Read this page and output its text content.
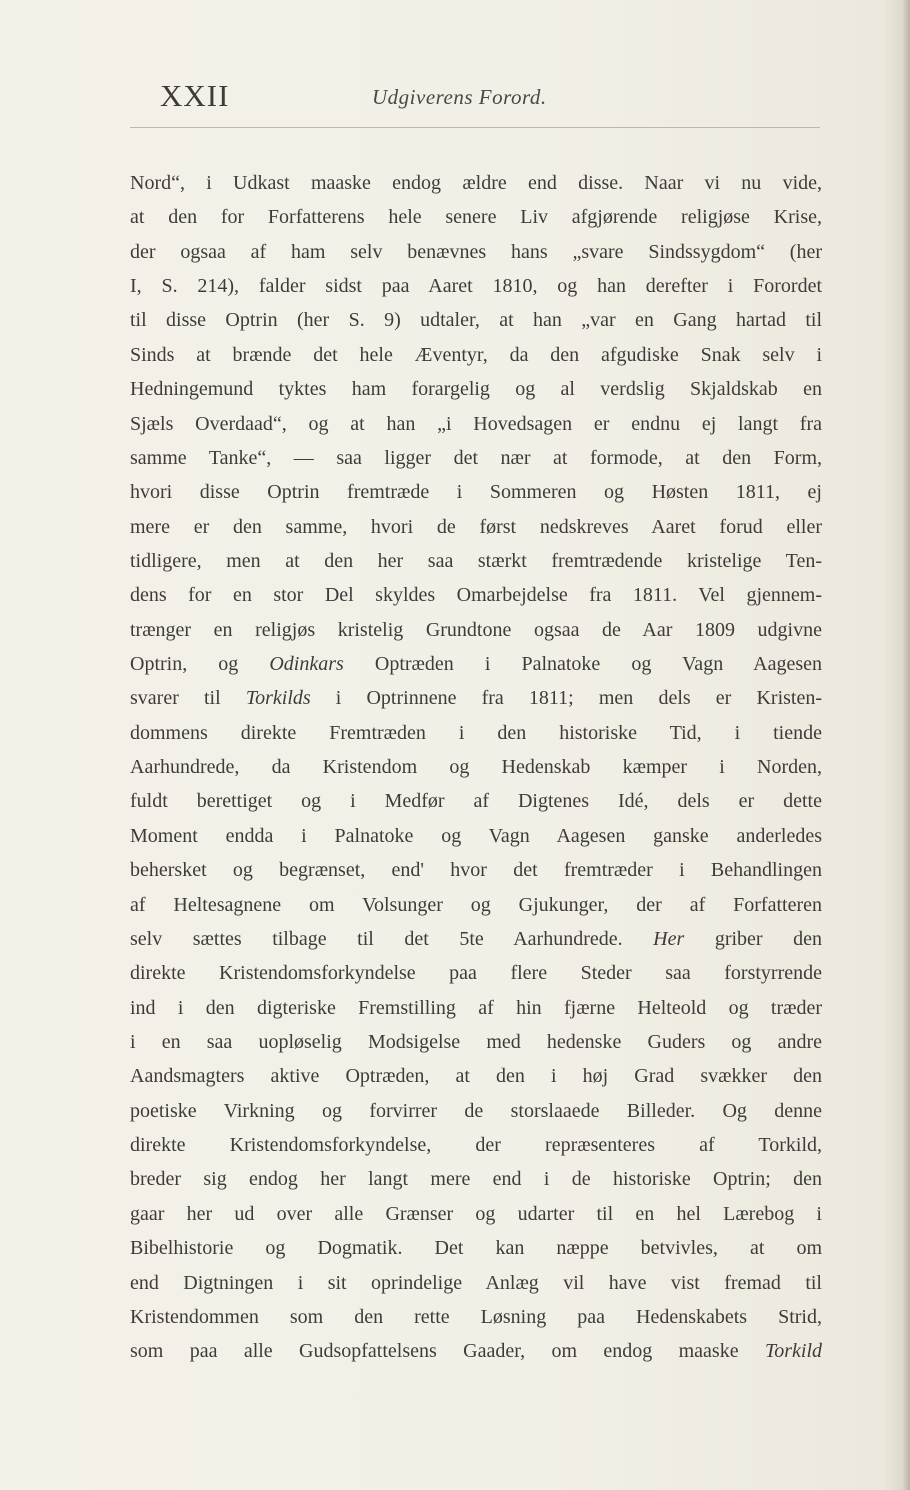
XXII	Udgiverens Forord.
Nord“, i Udkast maaske endog ældre end disse. Naar vi nu vide,
at den for Forfatterens hele senere Liv afgjørende religjøse Krise,
der ogsaa af ham selv benævnes hans „svare Sindssygdom“ (her
I, S. 214), falder sidst paa Aaret 1810, og han derefter i Forordet
til disse Optrin (her S. 9) udtaler, at han „var en Gang hartad til
Sinds at brænde det hele Æventyr, da den afgudiske Snak selv i
Hedningemund tyktes ham forargelig og al verdslig Skjaldskab en
Sjæls Overdaad“, og at han „i Hovedsagen er endnu ej langt fra
samme Tanke“, — saa ligger det nær at formode, at den Form,
hvori disse Optrin fremtræde i Sommeren og Høsten 1811, ej
mere er den samme, hvori de først nedskreves Aaret forud eller
tidligere, men at den her saa stærkt fremtrædende kristelige Ten-
dens for en stor Del skyldes Omarbejdelse fra 1811. Vel gjennem-
trænger en religjøs kristelig Grundtone ogsaa de Aar 1809 udgivne
Optrin, og Odinkars Optræden i Palnatoke og Vagn Aagesen
svarer til Torkilds i Optrinnene fra 1811; men dels er Kristen-
dommens direkte Fremtræden i den historiske Tid, i tiende
Aarhundrede, da Kristendom og Hedenskab kæmper i Norden,
fuldt berettiget og i Medfør af Digtenes Idé, dels er dette
Moment endda i Palnatoke og Vagn Aagesen ganske anderledes
behersket og begrænset, end' hvor det fremtræder i Behandlingen
af Heltesagnene om Volsunger og Gjukunger, der af Forfatteren
selv sættes tilbage til det 5te Aarhundrede. Her griber den
direkte Kristendomsforkyndelse paa flere Steder saa forstyrrende
ind i den digteriske Fremstilling af hin fjærne Helteold og træder
i en saa uopløselig Modsigelse med hedenske Guders og andre
Aandsmagters aktive Optræden, at den i høj Grad svækker den
poetiske Virkning og forvirrer de storslaaede Billeder. Og denne
direkte Kristendomsforkyndelse, der repræsenteres af Torkild,
breder sig endog her langt mere end i de historiske Optrin; den
gaar her ud over alle Grænser og udarter til en hel Lærebog i
Bibelhistorie og Dogmatik. Det kan næppe betvivles, at om
end Digtningen i sit oprindelige Anlæg vil have vist fremad til
Kristendommen som den rette Løsning paa Hedenskabets Strid,
som paa alle Gudsopfattelsens Gaader, om endog maaske Torkild
